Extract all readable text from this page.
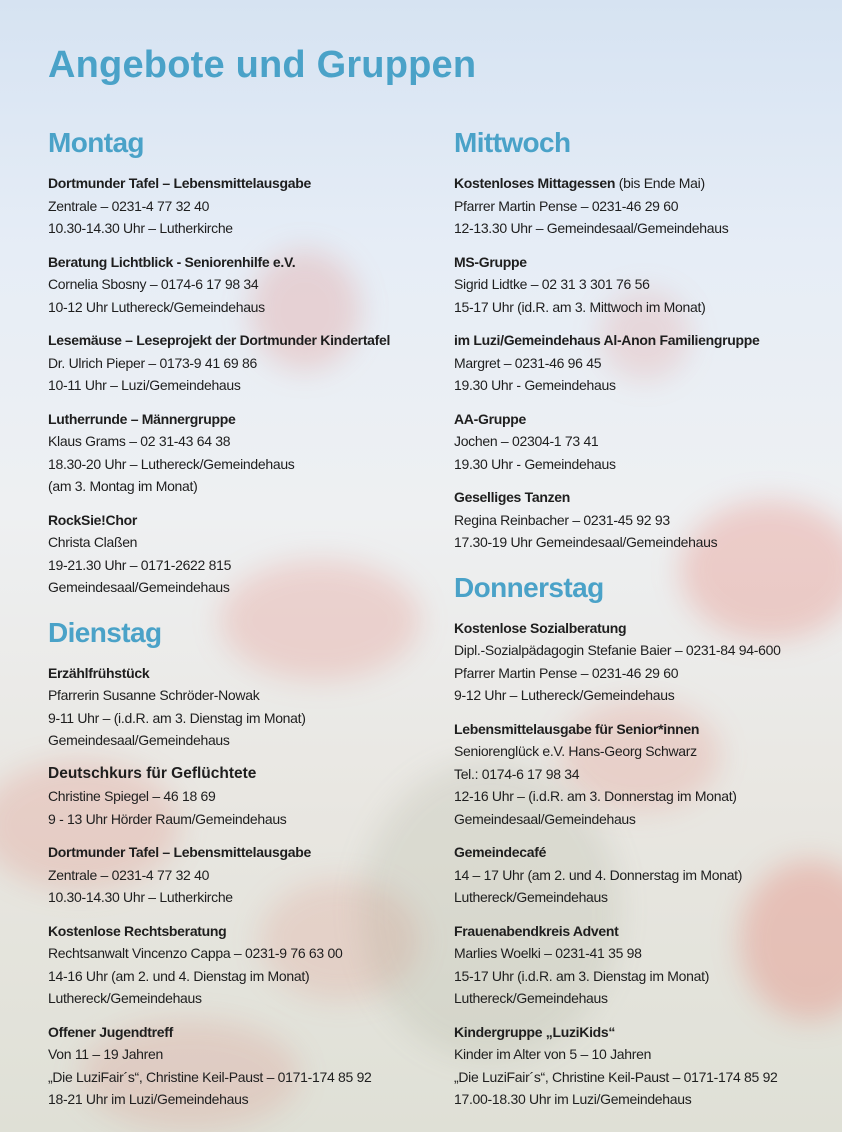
Angebote und Gruppen
Montag
Dortmunder Tafel – Lebensmittelausgabe
Zentrale – 0231-4 77 32 40
10.30-14.30 Uhr – Lutherkirche
Beratung Lichtblick - Seniorenhilfe e.V.
Cornelia Sbosny – 0174-6 17 98 34
10-12 Uhr Luthereck/Gemeindehaus
Lesemäuse – Leseprojekt der Dortmunder Kindertafel
Dr. Ulrich Pieper – 0173-9 41 69 86
10-11 Uhr – Luzi/Gemeindehaus
Lutherrunde – Männergruppe
Klaus Grams – 02 31-43 64 38
18.30-20 Uhr – Luthereck/Gemeindehaus
(am 3. Montag im Monat)
RockSie!Chor
Christa Claßen
19-21.30 Uhr – 0171-2622 815
Gemeindesaal/Gemeindehaus
Dienstag
Erzählfrühstück
Pfarrerin Susanne Schröder-Nowak
9-11 Uhr – (i.d.R. am 3. Dienstag im Monat)
Gemeindesaal/Gemeindehaus
Deutschkurs für Geflüchtete
Christine Spiegel – 46 18 69
9 - 13 Uhr Hörder Raum/Gemeindehaus
Dortmunder Tafel – Lebensmittelausgabe
Zentrale – 0231-4 77 32 40
10.30-14.30 Uhr – Lutherkirche
Kostenlose Rechtsberatung
Rechtsanwalt Vincenzo Cappa – 0231-9 76 63 00
14-16 Uhr (am 2. und 4. Dienstag im Monat)
Luthereck/Gemeindehaus
Offener Jugendtreff
Von 11 – 19 Jahren
„Die LuziFair´s“, Christine Keil-Paust – 0171-174 85 92
18-21 Uhr im Luzi/Gemeindehaus
Mittwoch
Kostenloses Mittagessen (bis Ende Mai)
Pfarrer Martin Pense – 0231-46 29 60
12-13.30 Uhr – Gemeindesaal/Gemeindehaus
MS-Gruppe
Sigrid Lidtke – 02 31 3 301 76 56
15-17 Uhr (id.R. am 3. Mittwoch im Monat)
im Luzi/Gemeindehaus Al-Anon Familiengruppe
Margret – 0231-46 96 45
19.30 Uhr - Gemeindehaus
AA-Gruppe
Jochen – 02304-1 73 41
19.30 Uhr - Gemeindehaus
Geselliges Tanzen
Regina Reinbacher – 0231-45 92 93
17.30-19 Uhr Gemeindesaal/Gemeindehaus
Donnerstag
Kostenlose Sozialberatung
Dipl.-Sozialpädagogin Stefanie Baier – 0231-84 94-600
Pfarrer Martin Pense – 0231-46 29 60
9-12 Uhr – Luthereck/Gemeindehaus
Lebensmittelausgabe für Senior*innen
Seniorenglück e.V. Hans-Georg Schwarz
Tel.: 0174-6 17 98 34
12-16 Uhr – (i.d.R. am 3. Donnerstag im Monat)
Gemeindesaal/Gemeindehaus
Gemeindecafé
14 – 17 Uhr (am 2. und 4. Donnerstag im Monat)
Luthereck/Gemeindehaus
Frauenabendkreis Advent
Marlies Woelki – 0231-41 35 98
15-17 Uhr (i.d.R. am 3. Dienstag im Monat)
Luthereck/Gemeindehaus
Kindergruppe „LuziKids“
Kinder im Alter von 5 – 10 Jahren
„Die LuziFair´s“, Christine Keil-Paust – 0171-174 85 92
17.00-18.30 Uhr im Luzi/Gemeindehaus
